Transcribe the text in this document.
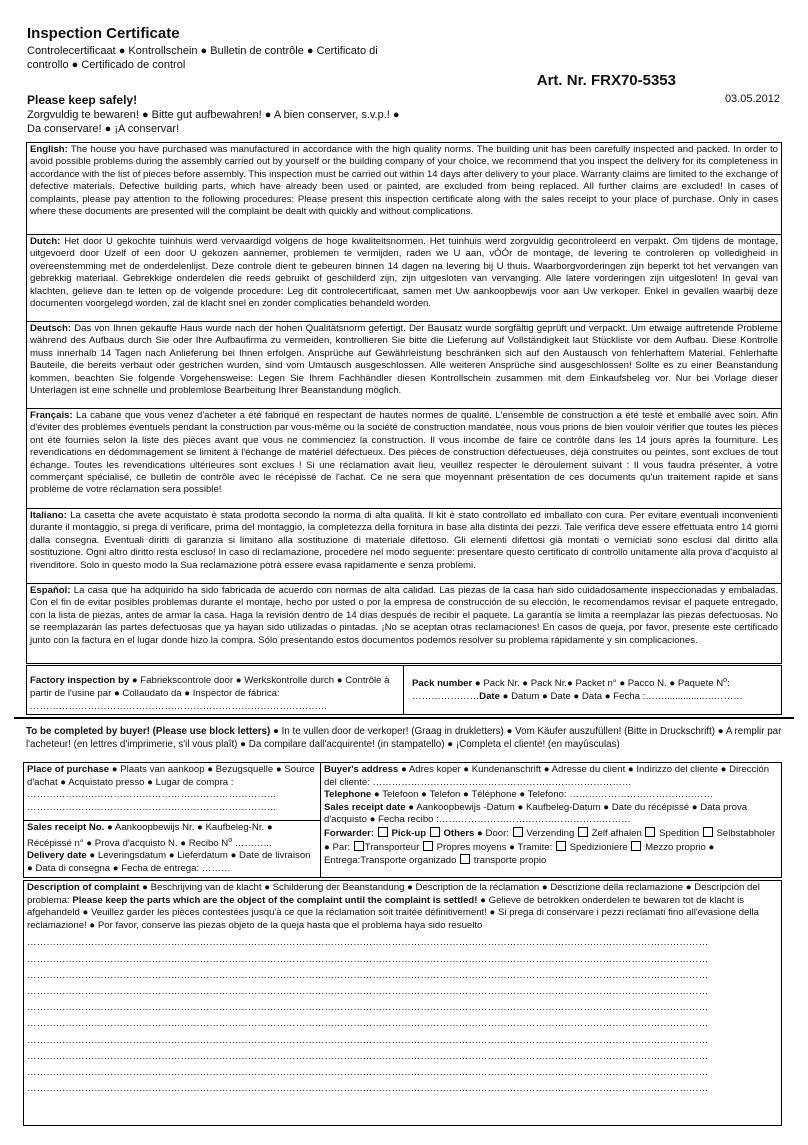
Inspection Certificate
Controlecertificaat ● Kontrollschein ● Bulletin de contrôle ● Certificato di controllo ● Certificado de control
Art. Nr. FRX70-5353
03.05.2012
Please keep safely!
Zorgvuldig te bewaren! ● Bitte gut aufbewahren! ● A bien conserver, s.v.p.! ● Da conservare! ● ¡A conservar!
English: The house you have purchased was manufactured in accordance with the high quality norms. The building unit has been carefully inspected and packed. In order to avoid possible problems during the assembly carried out by yourself or the building company of your choice, we recommend that you inspect the delivery for its completeness in accordance with the list of pieces before assembly. This inspection must be carried out within 14 days after delivery to your place. Warranty claims are limited to the exchange of defective materials. Defective building parts, which have already been used or painted, are excluded from being replaced. All further claims are excluded! In cases of complaints, please pay attention to the following procedures: Please present this inspection certificate along with the sales receipt to your place of purchase. Only in cases where these documents are presented will the complaint be dealt with quickly and without complications.
Dutch: Het door U gekochte tuinhuis werd vervaardigd volgens de hoge kwaliteitsnormen. Het tuinhuis werd zorgvuldig gecontroleerd en verpakt. Om tijdens de montage, uitgevoerd door Uzelf of een door U gekozen aannemer, problemen te vermijden, raden we U aan, vÓÓr de montage, de levering te controleren op volledigheid in overeenstemming met de onderdelenlijst. Deze controle dient te gebeuren binnen 14 dagen na levering bij U thuis. Waarborgvorderingen zijn beperkt tot het vervangen van gebrekkig materiaal. Gebrekkige onderdelen die reeds gebruikt of geschilderd zijn, zijn uitgesloten van vervanging. Alle latere vorderingen zijn uitgesloten! In geval van klachten, gelieve dan te letten op de volgende procedure: Leg dit controlecertificaat, samen met Uw aankoopbewijs voor aan Uw verkoper. Enkel in gevallen waarbij deze documenten voorgelegd worden, zal de klacht snel en zonder complicaties behandeld worden.
Deutsch: Das von Ihnen gekaufte Haus wurde nach der hohen Qualitätsnorm gefertigt. Der Bausatz wurde sorgfältig geprüft und verpackt. Um etwaige auftretende Probleme während des Aufbaus durch Sie oder Ihre Aufbaufirma zu vermeiden, kontrollieren Sie bitte die Lieferung auf Vollständigkeit laut Stückliste vor dem Aufbau. Diese Kontrolle muss innerhalb 14 Tagen nach Anlieferung bei Ihnen erfolgen. Ansprüche auf Gewährleistung beschränken sich auf den Austausch von fehlerhaftem Material. Fehlerhafte Bauteile, die bereits verbaut oder gestrichen wurden, sind vom Umtausch ausgeschlossen. Alle weiteren Ansprüche sind ausgeschlossen! Sollte es zu einer Beanstandung kommen, beachten Sie folgende Vorgehensweise: Legen Sie Ihrem Fachhändler diesen Kontrollschein zusammen mit dem Einkaufsbeleg vor. Nur bei Vorlage dieser Unterlagen ist eine schnelle und problemlose Bearbeitung Ihrer Beanstandung möglich.
Français: La cabane que vous venez d'acheter a été fabriqué en respectant de hautes normes de qualité. L'ensemble de construction a été testé et emballé avec soin. Afin d'éviter des problèmes éventuels pendant la construction par vous-même ou la société de construction mandatée, nous vous prions de bien vouloir vérifier que toutes les pièces ont été fournies selon la liste des pièces avant que vous ne commenciez la construction. Il vous incombe de faire ce contrôle dans les 14 jours après la fourniture. Les revendications en dédommagement se limitent à l'échange de matériel défectueux. Des pièces de construction défectueuses, déjà construites ou peintes, sont exclues de tout échange. Toutes les revendications ultérieures sont exclues ! Si une réclamation avait lieu, veuillez respecter le déroulement suivant : Il vous faudra présenter, à votre commerçant spécialisé, ce bulletin de contrôle avec le récépissé de l'achat. Ce ne sera que moyennant présentation de ces documents qu'un traitement rapide et sans problème de votre réclamation sera possible!
Italiano: La casetta che avete acquistato è stata prodotta secondo la norma di alta qualità. Il kit è stato controllato ed imballato con cura. Per evitare eventuali inconvenienti durante il montaggio, si prega di verificare, prima del montaggio, la completezza della fornitura in base alla distinta dei pezzi. Tale verifica deve essere effettuata entro 14 giorni dalla consegna. Eventuali diritti di garanzia si limitano alla sostituzione di materiale difettoso. Gli elementi difettosi già montati o verniciati sono esclusi dal diritto alla sostituzione. Ogni altro diritto resta escluso! In caso di reclamazione, procedere nel modo seguente: presentare questo certificato di controllo unitamente alla prova d'acquisto al rivenditore. Solo in questo modo la Sua reclamazione potrà essere evasa rapidamente e senza problemi.
Español: La casa que ha adquirido ha sido fabricada de acuerdo con normas de alta calidad. Las piezas de la casa han sido cuidadosamente inspeccionadas y embaladas. Con el fin de evitar posibles problemas durante el montaje, hecho por usted o por la empresa de construcción de su elección, le recomendamos revisar el paquete entregado, con la lista de piezas, antes de armar la casa. Haga la revisión dentro de 14 días después de recibir el paquete. La garantía se limita a reemplazar las piezas defectuosas. No se reemplazarán las partes defectuosas que ya hayan sido utilizadas o pintadas. ¡No se aceptan otras reclamaciones! En casos de queja, por favor, presente este certificado junto con la factura en el lugar donde hizo la compra. Sólo presentando estos documentos podemos resolver su problema rápidamente y sin complicaciones.
Factory inspection by ● Fabriekscontrole door ● Werkskontrolle durch ● Contrôle à partir de l'usine par ● Collaudato da ● Inspector de fábrica:
…………………………………………………………………………………
Pack number ● Pack Nr. ● Pack Nr.● Packet n° ● Pacco N. ● Paquete $N^o$:
…………………Date ● Datum ● Date ● Data ● Fecha :……...............…………
To be completed by buyer! (Please use block letters) ● In te vullen door de verkoper! (Graag in drukletters) ● Vom Käufer auszufüllen! (Bitte in Druckschrift) ● A remplir par l'acheteur! (en lettres d'imprimerie, s'il vous plaît) ● Da compilare dall'acquirente! (in stampatello) ● ¡Completa el cliente! (en mayúsculas)
Place of purchase ● Plaats van aankoop ● Bezugsquelle ● Source d'achat ● Acquistato presso ● Lugar de compra :
……………………………………………………………………
……………………………………………………………………
Sales receipt No. ● Aankoopbewijs Nr. ● Kaufbeleg-Nr. ● Récépissé n° ● Prova d'acquisto N. ● Recibo $N^o$ ………...
Delivery date ● Leveringsdatum ● Lieferdatum ● Date de livraison ● Data di consegna ● Fecha de entrega: ………
Buyer's address ● Adres koper ● Kundenanschrift ● Adresse du client ● Indirizzo del cliente ● Dirección del cliente: ………………………………………………………………………
Telephone ● Telefoon ● Telefon ● Téléphone ● Telefono: ………………………………………
Sales receipt date ● Aankoopbewijs -Datum ● Kaufbeleg-Datum ● Date du récépissé ● Data prova d'acquisto ● Fecha recibo :……………………………………………………
Forwarder:  Pick-up  Others ● Door:  Verzending  Zelf afhalen  Spedition  Selbstabholer ● Par: Transporteur  Propres moyens ● Tramite:  Spedizioniere  Mezzo proprio ● Entrega:Transporte organizado  transporte propio
Description of complaint ● Beschrijving van de klacht ● Schilderung der Beanstandung ● Description de la réclamation ● Descrizione della reclamazione ● Descripción del problema: Please keep the parts which are the object of the complaint until the complaint is settled! ● Gelieve de betrokken onderdelen te bewaren tot de klacht is afgehandeld ● Veuillez garder les pièces contestées jusqu'à ce que la réclamation soit traitée définitivement! ● Si prega di conservare i pezzi reclamati fino all'evasione della reclamazione! ● Por favor, conserve las piezas objeto de la queja hasta que el problema haya sido resuelto
……………………………………………………………………………………………………………………………………………………………………………………………
……………………………………………………………………………………………………………………………………………………………………………………………
……………………………………………………………………………………………………………………………………………………………………………………………
……………………………………………………………………………………………………………………………………………………………………………………………
……………………………………………………………………………………………………………………………………………………………………………………………
……………………………………………………………………………………………………………………………………………………………………………………………
……………………………………………………………………………………………………………………………………………………………………………………………
……………………………………………………………………………………………………………………………………………………………………………………………
……………………………………………………………………………………………………………………………………………………………………………………………
……………………………………………………………………………………………………………………………………………………………………………………………
